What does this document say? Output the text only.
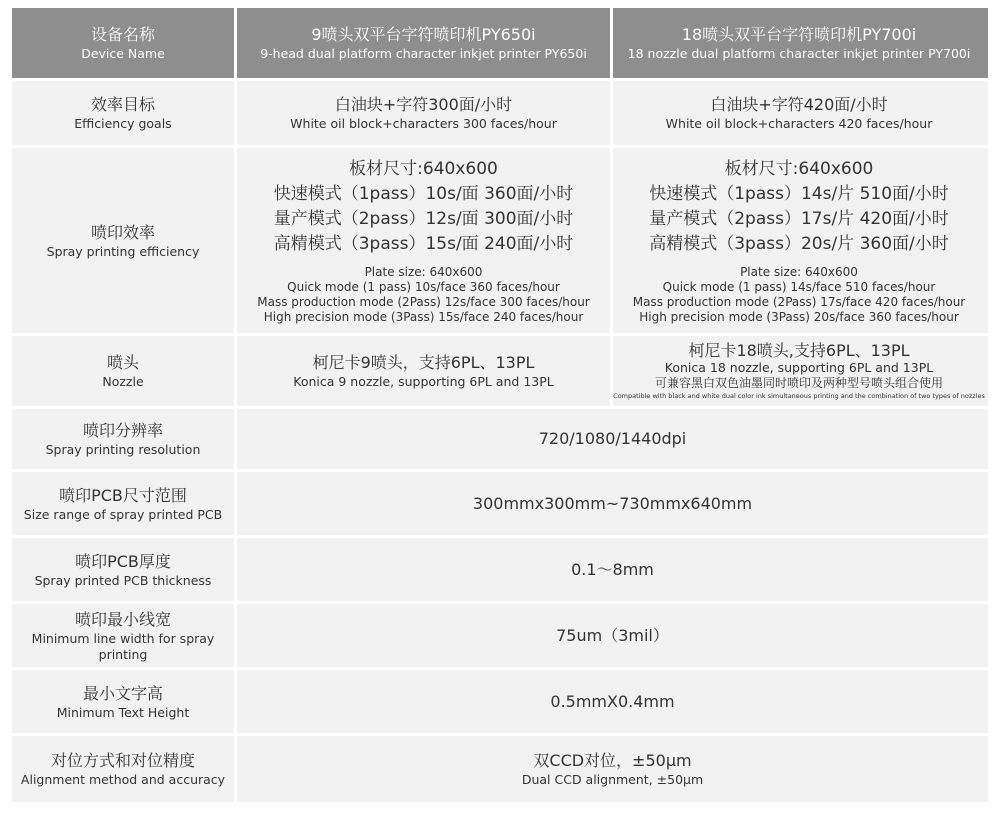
设备名称
Device Name
9喷头双平台字符喷印机PY650i
9-head dual platform character inkjet printer PY650i
18喷头双平台字符喷印机PY700i
18 nozzle dual platform character inkjet printer PY700i
效率目标
Efficiency goals
白油块+字符300面/小时
White oil block+characters 300 faces/hour
白油块+字符420面/小时
White oil block+characters 420 faces/hour
喷印效率
Spray printing efficiency
板材尺寸:640x600
快速模式（1pass）10s/面 360面/小时
量产模式（2pass）12s/面 300面/小时
高精模式（3pass）15s/面 240面/小时
Plate size: 640x600
Quick mode (1 pass) 10s/face 360 faces/hour
Mass production mode (2Pass) 12s/face 300 faces/hour
High precision mode (3Pass) 15s/face 240 faces/hour
板材尺寸:640x600
快速模式（1pass）14s/片 510面/小时
量产模式（2pass）17s/片 420面/小时
高精模式（3pass）20s/片 360面/小时
Plate size: 640x600
Quick mode (1 pass) 14s/face 510 faces/hour
Mass production mode (2Pass) 17s/face 420 faces/hour
High precision mode (3Pass) 20s/face 360 faces/hour
喷头
Nozzle
柯尼卡9喷头，支持6PL、13PL
Konica 9 nozzle, supporting 6PL and 13PL
柯尼卡18喷头,支持6PL、13PL
Konica 18 nozzle, supporting 6PL and 13PL
可兼容黑白双色油墨同时喷印及两种型号喷头组合使用
Compatible with black and white dual color ink simultaneous printing and the combination of two types of nozzles
喷印分辨率
Spray printing resolution
720/1080/1440dpi
喷印PCB尺寸范围
Size range of spray printed PCB
300mmx300mm~730mmx640mm
喷印PCB厚度
Spray printed PCB thickness
0.1～8mm
喷印最小线宽
Minimum line width for spray printing
75um（3mil）
最小文字高
Minimum Text Height
0.5mmX0.4mm
对位方式和对位精度
Alignment method and accuracy
双CCD对位，±50μm
Dual CCD alignment, ±50μm
